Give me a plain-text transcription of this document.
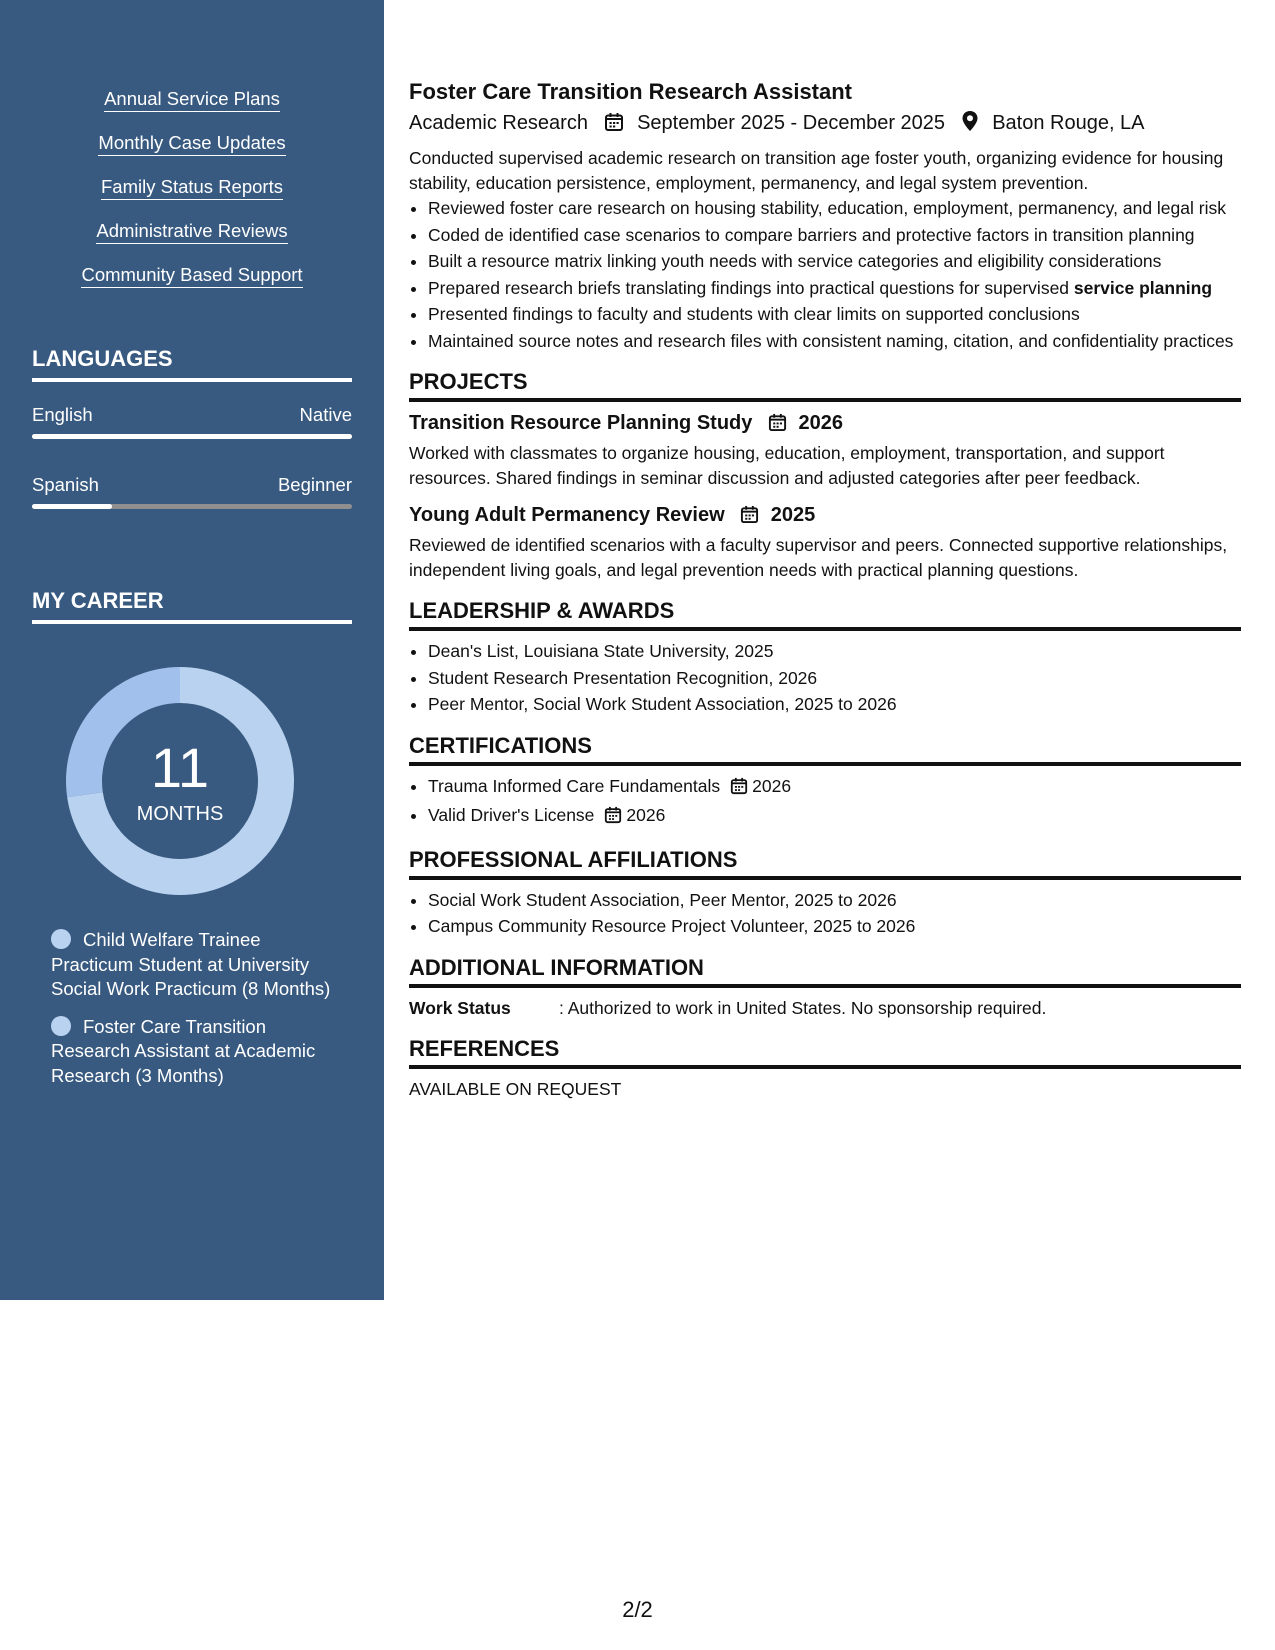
Annual Service Plans
Monthly Case Updates
Family Status Reports
Administrative Reviews
Community Based Support
LANGUAGES
English	Native
Spanish	Beginner
MY CAREER
11
MONTHS
Child Welfare Trainee Practicum Student at University Social Work Practicum (8 Months)
Foster Care Transition Research Assistant at Academic Research (3 Months)
Foster Care Transition Research Assistant
Academic Research September 2025 - December 2025 Baton Rouge, LA

Conducted supervised academic research on transition age foster youth, organizing evidence for housing stability, education persistence, employment, permanency, and legal system prevention.

• Reviewed foster care research on housing stability, education, employment, permanency, and legal risk
• Coded de identified case scenarios to compare barriers and protective factors in transition planning
• Built a resource matrix linking youth needs with service categories and eligibility considerations
• Prepared research briefs translating findings into practical questions for supervised service planning
• Presented findings to faculty and students with clear limits on supported conclusions
• Maintained source notes and research files with consistent naming, citation, and confidentiality practices
PROJECTS
Transition Resource Planning Study 2026

Worked with classmates to organize housing, education, employment, transportation, and support resources. Shared findings in seminar discussion and adjusted categories after peer feedback.

Young Adult Permanency Review 2025

Reviewed de identified scenarios with a faculty supervisor and peers. Connected supportive relationships, independent living goals, and legal prevention needs with practical planning questions.

LEADERSHIP & AWARDS
• Dean's List, Louisiana State University, 2025
• Student Research Presentation Recognition, 2026
• Peer Mentor, Social Work Student Association, 2025 to 2026
CERTIFICATIONS
• Trauma Informed Care Fundamentals 2026
• Valid Driver's License 2026
PROFESSIONAL AFFILIATIONS
• Social Work Student Association, Peer Mentor, 2025 to 2026
• Campus Community Resource Project Volunteer, 2025 to 2026
ADDITIONAL INFORMATION

Work Status	: Authorized to work in United States. No sponsorship required.

REFERENCES

AVAILABLE ON REQUEST

2/2
